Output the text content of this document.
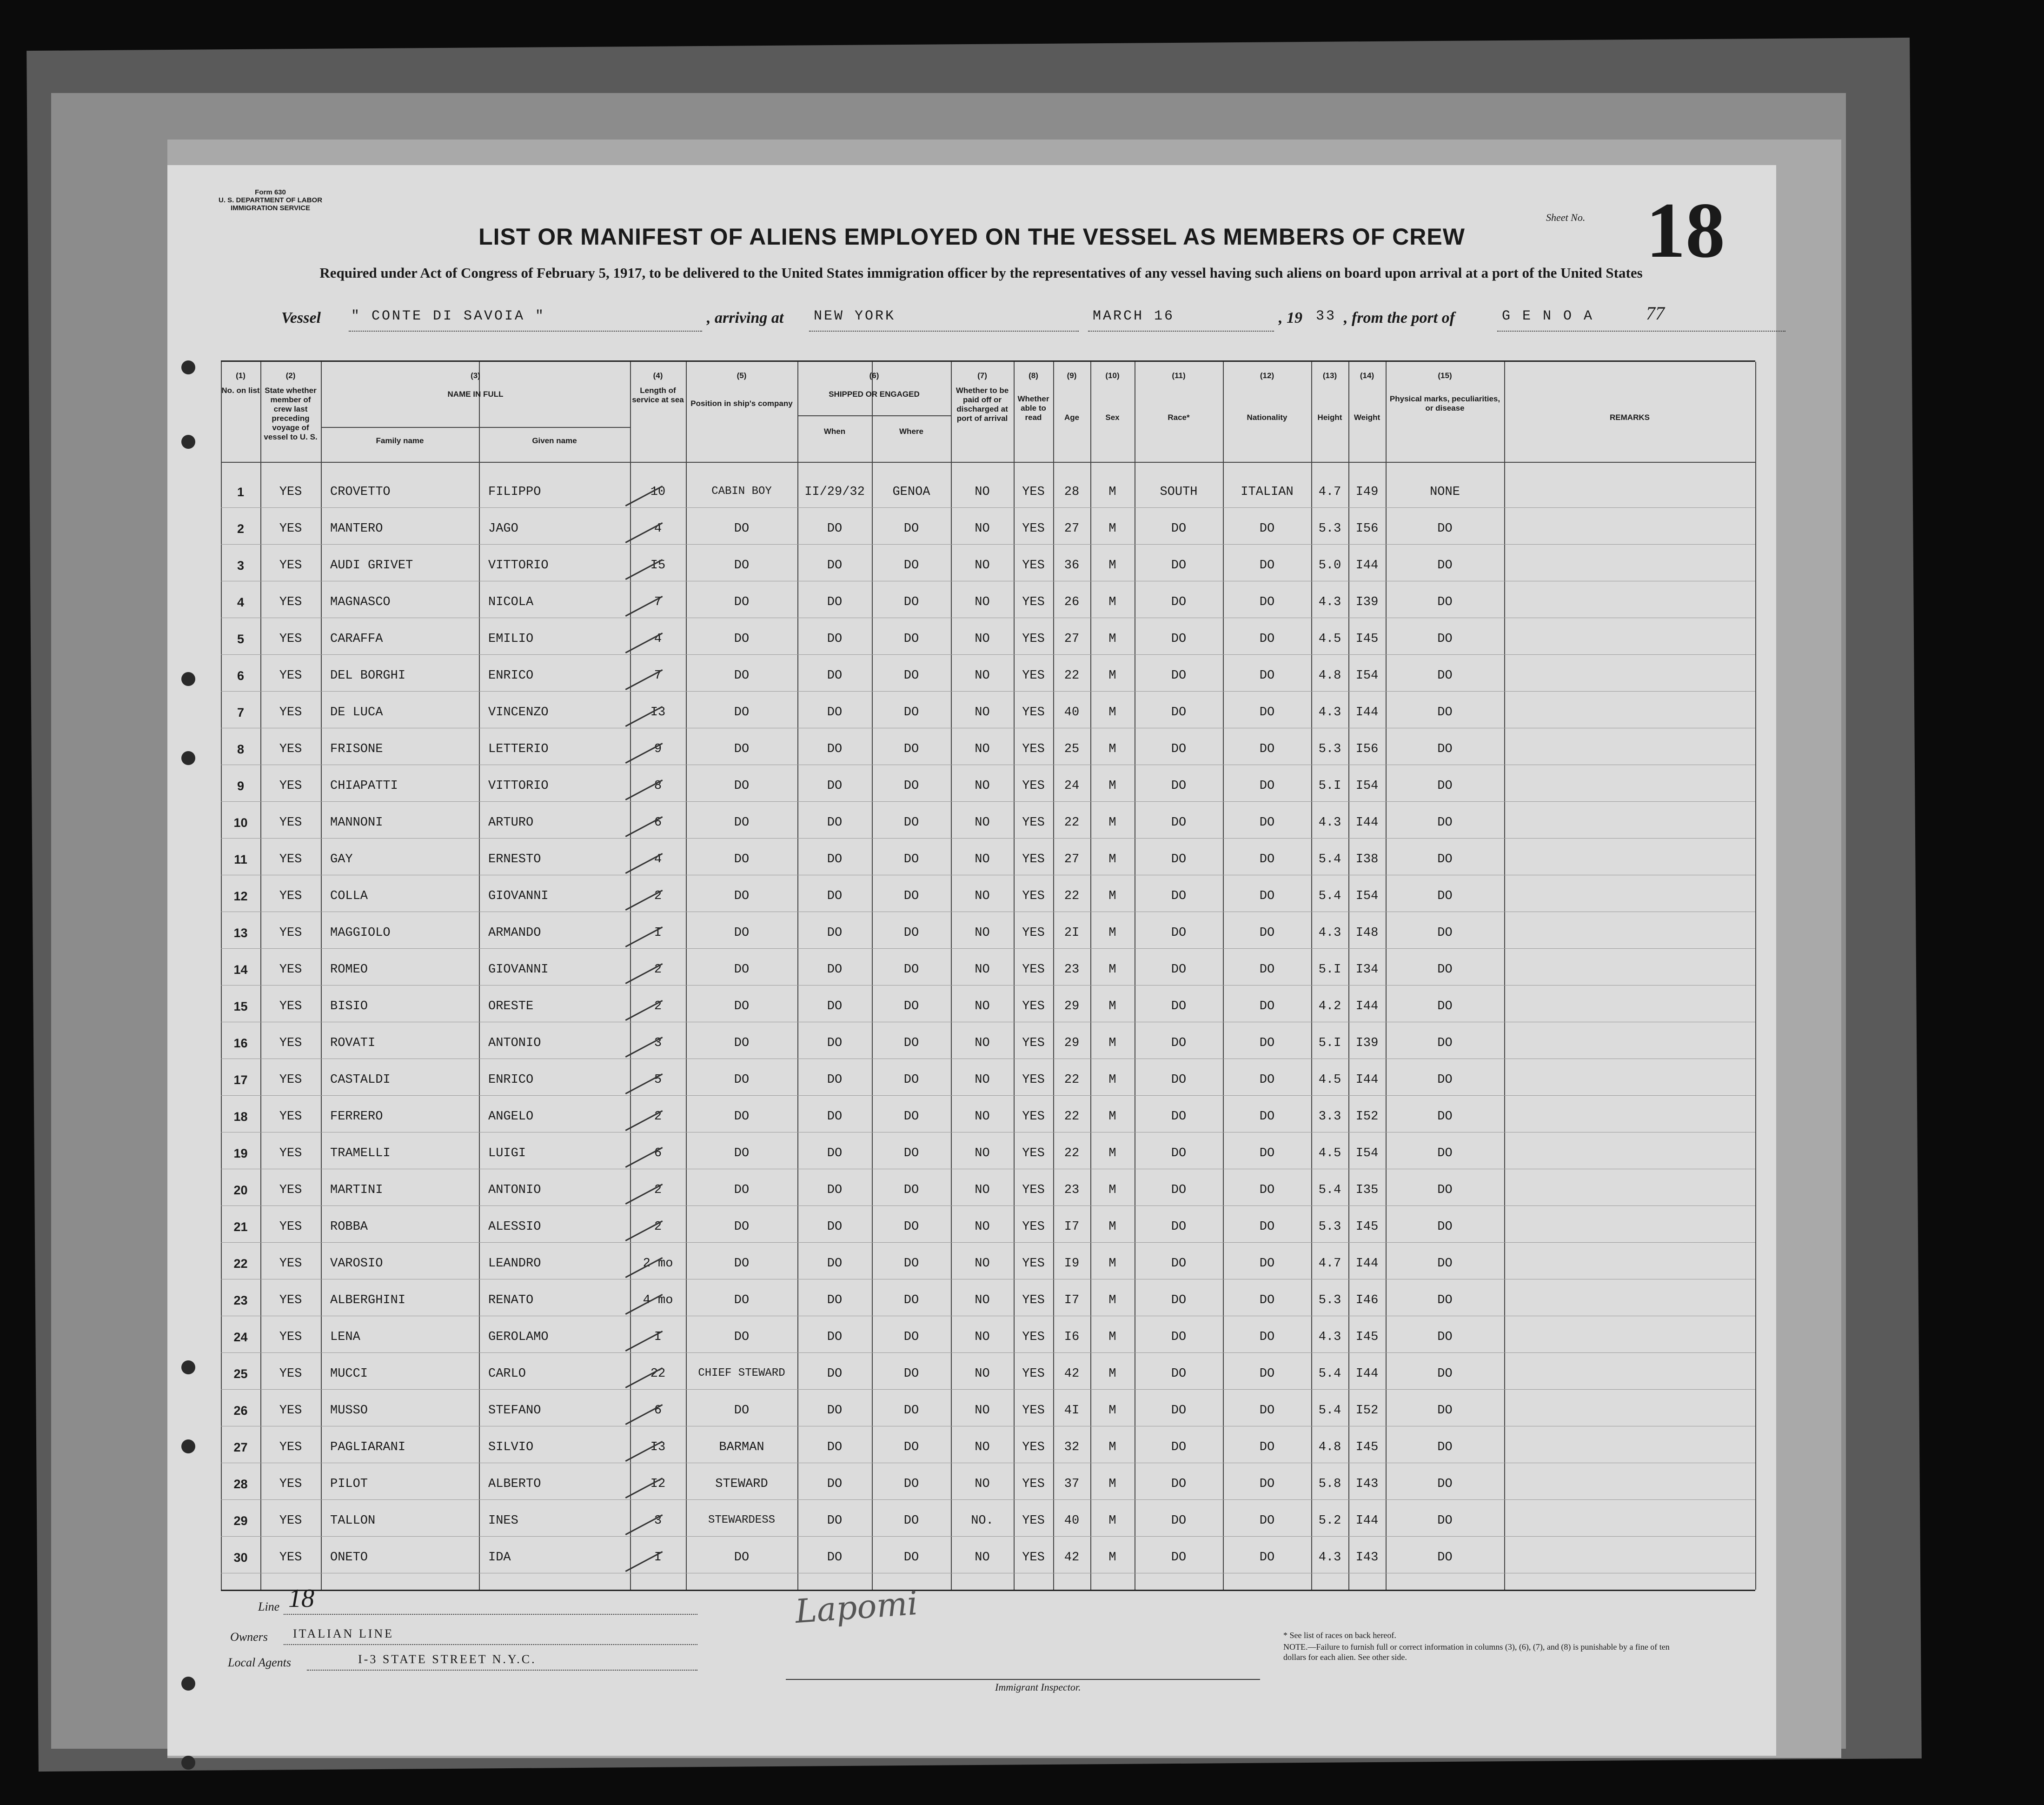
Form 630
U. S. DEPARTMENT OF LABOR
IMMIGRATION SERVICE
Sheet No. 18
LIST OR MANIFEST OF ALIENS EMPLOYED ON THE VESSEL AS MEMBERS OF CREW
Required under Act of Congress of February 5, 1917, to be delivered to the United States immigration officer by the representatives of any vessel having such aliens on board upon arrival at a port of the United States
Vessel " CONTE DI SAVOIA "	, arriving at NEW YORK	MARCH 16	, 19 33 , from the port of	G E N O A	77
(1)
No. on list
(2)
State whether member of crew last preceding voyage of vessel to U. S.
(3)
NAME IN FULL
Family name	Given name
(4)
Length of service at sea
(5)
Position in ship's company
(6)
SHIPPED OR ENGAGED
When	Where
(7)
Whether to be paid off or discharged at port of arrival
(8)
Whether able to read
(9)
Age
(10)
Sex
(11)
Race*
(12)
Nationality
(13)
Height
(14)
Weight
(15)
Physical marks, peculiarities, or disease
REMARKS
1	YES	CROVETTO	FILIPPO	10	CABIN BOY	II/29/32	GENOA	NO	YES	28	M	SOUTH	ITALIAN	4.7	I49	NONE
2	YES	MANTERO	JAGO	4	DO	DO	DO	NO	YES	27	M	DO	DO	5.3	I56	DO
3	YES	AUDI GRIVET	VITTORIO	I5	DO	DO	DO	NO	YES	36	M	DO	DO	5.0	I44	DO
4	YES	MAGNASCO	NICOLA	7	DO	DO	DO	NO	YES	26	M	DO	DO	4.3	I39	DO
5	YES	CARAFFA	EMILIO	4	DO	DO	DO	NO	YES	27	M	DO	DO	4.5	I45	DO
6	YES	DEL BORGHI	ENRICO	7	DO	DO	DO	NO	YES	22	M	DO	DO	4.8	I54	DO
7	YES	DE LUCA	VINCENZO	I3	DO	DO	DO	NO	YES	40	M	DO	DO	4.3	I44	DO
8	YES	FRISONE	LETTERIO	9	DO	DO	DO	NO	YES	25	M	DO	DO	5.3	I56	DO
9	YES	CHIAPATTI	VITTORIO	8	DO	DO	DO	NO	YES	24	M	DO	DO	5.I	I54	DO
10	YES	MANNONI	ARTURO	6	DO	DO	DO	NO	YES	22	M	DO	DO	4.3	I44	DO
11	YES	GAY	ERNESTO	4	DO	DO	DO	NO	YES	27	M	DO	DO	5.4	I38	DO
12	YES	COLLA	GIOVANNI	2	DO	DO	DO	NO	YES	22	M	DO	DO	5.4	I54	DO
13	YES	MAGGIOLO	ARMANDO	I	DO	DO	DO	NO	YES	2I	M	DO	DO	4.3	I48	DO
14	YES	ROMEO	GIOVANNI	2	DO	DO	DO	NO	YES	23	M	DO	DO	5.I	I34	DO
15	YES	BISIO	ORESTE	2	DO	DO	DO	NO	YES	29	M	DO	DO	4.2	I44	DO
16	YES	ROVATI	ANTONIO	3	DO	DO	DO	NO	YES	29	M	DO	DO	5.I	I39	DO
17	YES	CASTALDI	ENRICO	5	DO	DO	DO	NO	YES	22	M	DO	DO	4.5	I44	DO
18	YES	FERRERO	ANGELO	2	DO	DO	DO	NO	YES	22	M	DO	DO	3.3	I52	DO
19	YES	TRAMELLI	LUIGI	6	DO	DO	DO	NO	YES	22	M	DO	DO	4.5	I54	DO
20	YES	MARTINI	ANTONIO	2	DO	DO	DO	NO	YES	23	M	DO	DO	5.4	I35	DO
21	YES	ROBBA	ALESSIO	2	DO	DO	DO	NO	YES	I7	M	DO	DO	5.3	I45	DO
22	YES	VAROSIO	LEANDRO	2 mo	DO	DO	DO	NO	YES	I9	M	DO	DO	4.7	I44	DO
23	YES	ALBERGHINI	RENATO	4 mo	DO	DO	DO	NO	YES	I7	M	DO	DO	5.3	I46	DO
24	YES	LENA	GEROLAMO	I	DO	DO	DO	NO	YES	I6	M	DO	DO	4.3	I45	DO
25	YES	MUCCI	CARLO	22	CHIEF STEWARD	DO	DO	NO	YES	42	M	DO	DO	5.4	I44	DO
26	YES	MUSSO	STEFANO	6	DO	DO	DO	NO	YES	4I	M	DO	DO	5.4	I52	DO
27	YES	PAGLIARANI	SILVIO	I3	BARMAN	DO	DO	NO	YES	32	M	DO	DO	4.8	I45	DO
28	YES	PILOT	ALBERTO	I2	STEWARD	DO	DO	NO	YES	37	M	DO	DO	5.8	I43	DO
29	YES	TALLON	INES	3	STEWARDESS	DO	DO	NO.	YES	40	M	DO	DO	5.2	I44	DO
30	YES	ONETO	IDA	I	DO	DO	DO	NO	YES	42	M	DO	DO	4.3	I43	DO
Line 18
Owners ITALIAN LINE
Local Agents	I-3 STATE STREET N.Y.C.
Lapomi
Immigrant Inspector.
* See list of races on back hereof.
NOTE.—Failure to furnish full or correct information in columns (3), (6), (7), and (8) is punishable by a fine of ten dollars for each alien. See other side.
